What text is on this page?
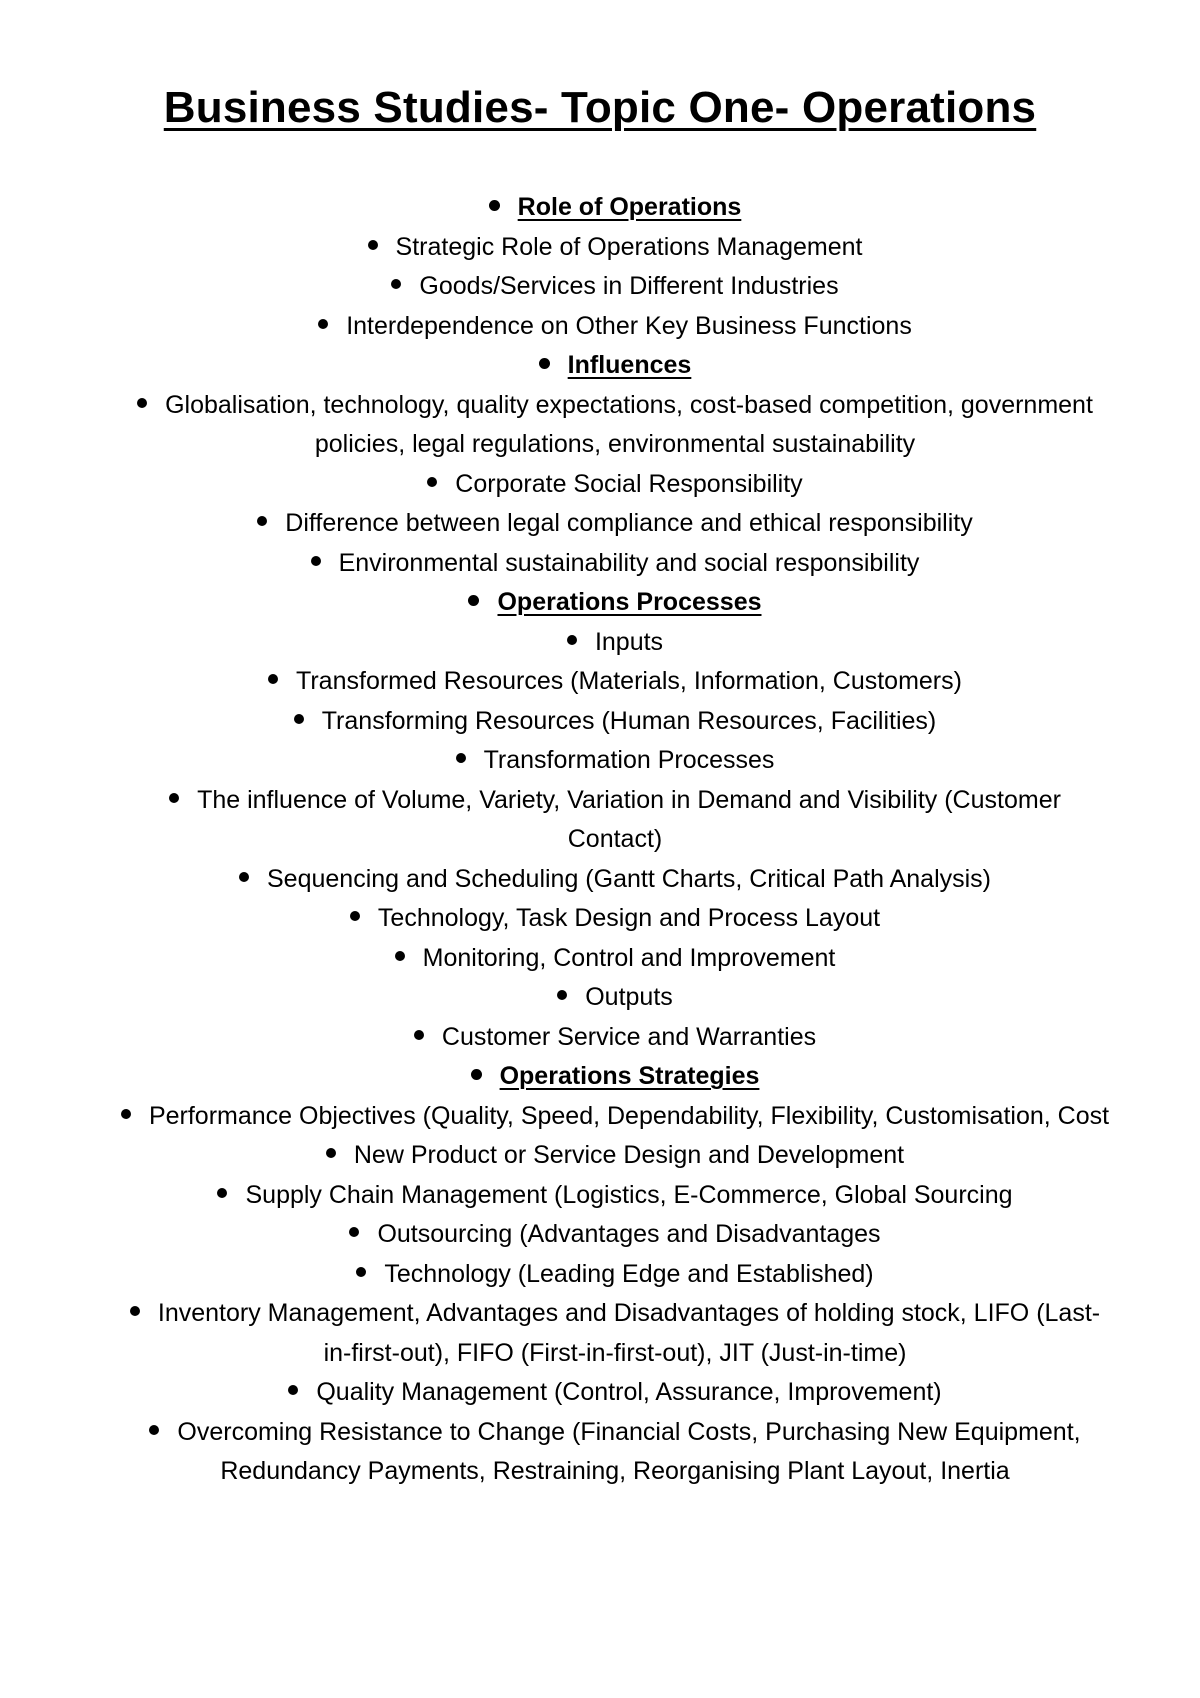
Business Studies- Topic One- Operations
Role of Operations
Strategic Role of Operations Management
Goods/Services in Different Industries
Interdependence on Other Key Business Functions
Influences
Globalisation, technology, quality expectations, cost-based competition, government policies, legal regulations, environmental sustainability
Corporate Social Responsibility
Difference between legal compliance and ethical responsibility
Environmental sustainability and social responsibility
Operations Processes
Inputs
Transformed Resources (Materials, Information, Customers)
Transforming Resources (Human Resources, Facilities)
Transformation Processes
The influence of Volume, Variety, Variation in Demand and Visibility (Customer Contact)
Sequencing and Scheduling (Gantt Charts, Critical Path Analysis)
Technology, Task Design and Process Layout
Monitoring, Control and Improvement
Outputs
Customer Service and Warranties
Operations Strategies
Performance Objectives (Quality, Speed, Dependability, Flexibility, Customisation, Cost
New Product or Service Design and Development
Supply Chain Management (Logistics, E-Commerce, Global Sourcing
Outsourcing (Advantages and Disadvantages
Technology (Leading Edge and Established)
Inventory Management, Advantages and Disadvantages of holding stock, LIFO (Last-in-first-out), FIFO (First-in-first-out), JIT (Just-in-time)
Quality Management (Control, Assurance, Improvement)
Overcoming Resistance to Change (Financial Costs, Purchasing New Equipment, Redundancy Payments, Restraining, Reorganising Plant Layout, Inertia
